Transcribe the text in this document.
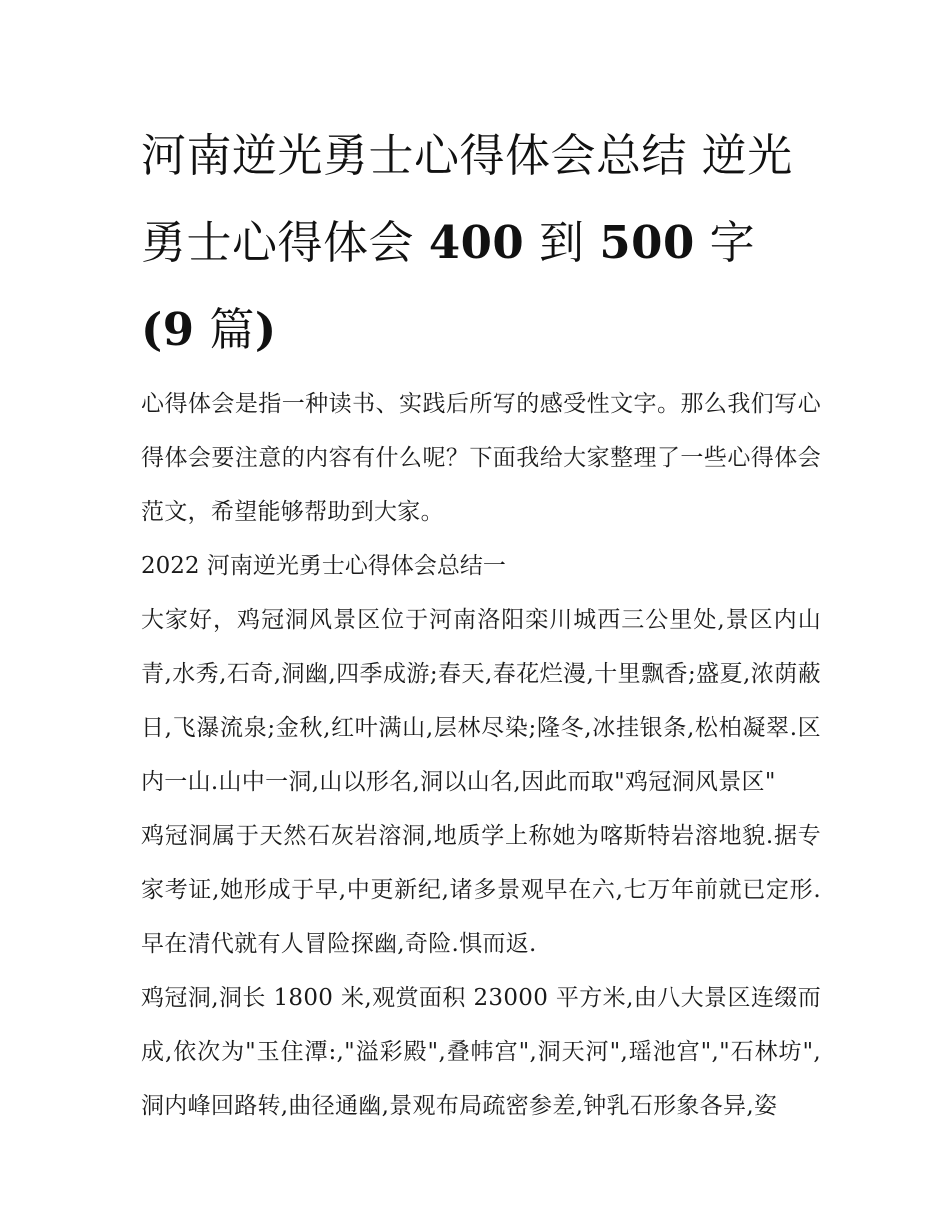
河南逆光勇士心得体会总结 逆光勇士心得体会 400 到 500 字 (9 篇)

心得体会是指一种读书、实践后所写的感受性文字。那么我们写心得体会要注意的内容有什么呢？下面我给大家整理了一些心得体会范文，希望能够帮助到大家。

2022 河南逆光勇士心得体会总结一

大家好，鸡冠洞风景区位于河南洛阳栾川城西三公里处,景区内山青,水秀,石奇,洞幽,四季成游;春天,春花烂漫,十里飘香;盛夏,浓荫蔽日,飞瀑流泉;金秋,红叶满山,层林尽染;隆冬,冰挂银条,松柏凝翠.区内一山.山中一洞,山以形名,洞以山名,因此而取"鸡冠洞风景区"

鸡冠洞属于天然石灰岩溶洞,地质学上称她为喀斯特岩溶地貌.据专家考证,她形成于早,中更新纪,诸多景观早在六,七万年前就已定形.早在清代就有人冒险探幽,奇险.惧而返.

鸡冠洞,洞长 1800 米,观赏面积 23000 平方米,由八大景区连缀而成,依次为"玉住潭:,"溢彩殿",叠帏宫",洞天河",瑶池宫","石林坊",洞内峰回路转,曲径通幽,景观布局疏密参差,钟乳石形象各异,姿
